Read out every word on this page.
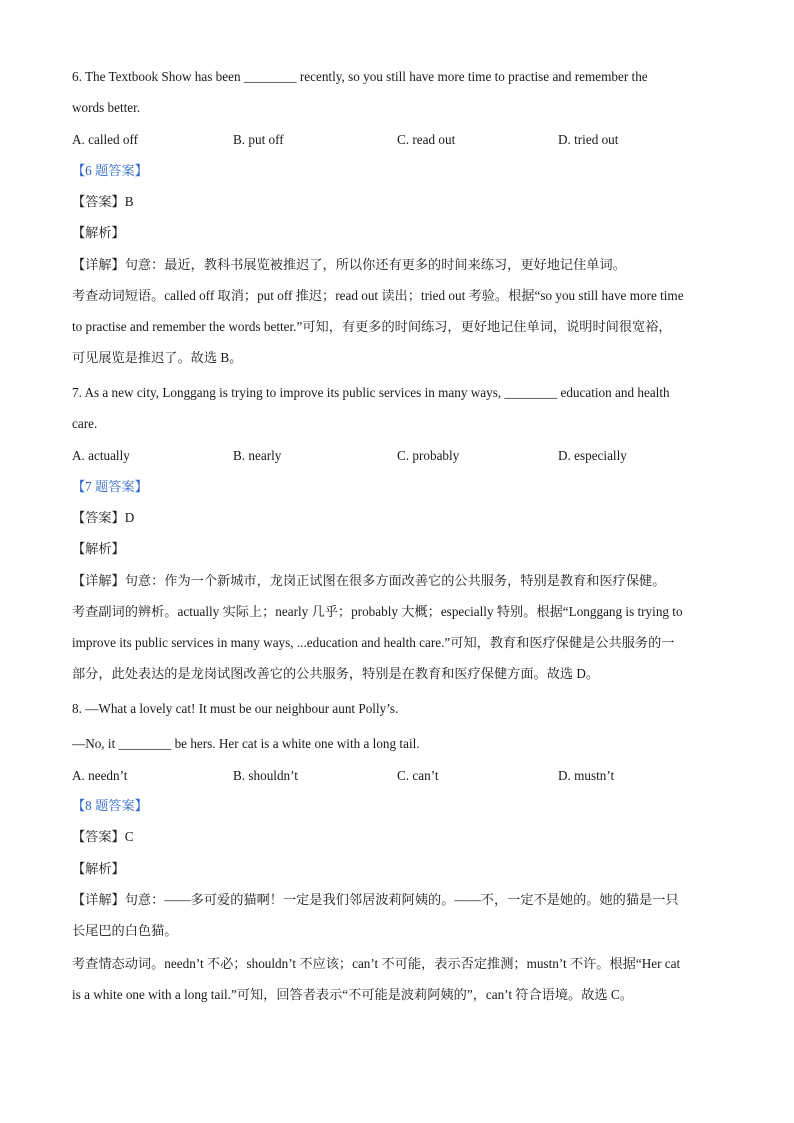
6. The Textbook Show has been ________ recently, so you still have more time to practise and remember the
words better.
A. called off	B. put off	C. read out	D. tried out
【6 题答案】
【答案】B
【解析】
【详解】句意：最近，教科书展览被推迟了，所以你还有更多的时间来练习，更好地记住单词。
考查动词短语。called off 取消；put off 推迟；read out 读出；tried out 考验。根据“so you still have more time
to practise and remember the words better.”可知，有更多的时间练习，更好地记住单词，说明时间很宽裕，
可见展览是推迟了。故选 B。
7. As a new city, Longgang is trying to improve its public services in many ways, ________ education and health
care.
A. actually	B. nearly	C. probably	D. especially
【7 题答案】
【答案】D
【解析】
【详解】句意：作为一个新城市，龙岗正试图在很多方面改善它的公共服务，特别是教育和医疗保健。
考查副词的辨析。actually 实际上；nearly 几乎；probably 大概；especially 特别。根据“Longgang is trying to
improve its public services in many ways, ...education and health care.”可知，教育和医疗保健是公共服务的一
部分，此处表达的是龙岗试图改善它的公共服务，特别是在教育和医疗保健方面。故选 D。
8. —What a lovely cat! It must be our neighbour aunt Polly’s.
—No, it ________ be hers. Her cat is a white one with a long tail.
A. needn’t	B. shouldn’t	C. can’t	D. mustn’t
【8 题答案】
【答案】C
【解析】
【详解】句意：——多可爱的猫啊！一定是我们邻居波莉阿姨的。——不，一定不是她的。她的猫是一只
长尾巴的白色猫。
考查情态动词。needn’t 不必；shouldn’t 不应该；can’t 不可能，表示否定推测；mustn’t 不许。根据“Her cat
is a white one with a long tail.”可知，回答者表示“不可能是波莉阿姨的”，can’t 符合语境。故选 C。
